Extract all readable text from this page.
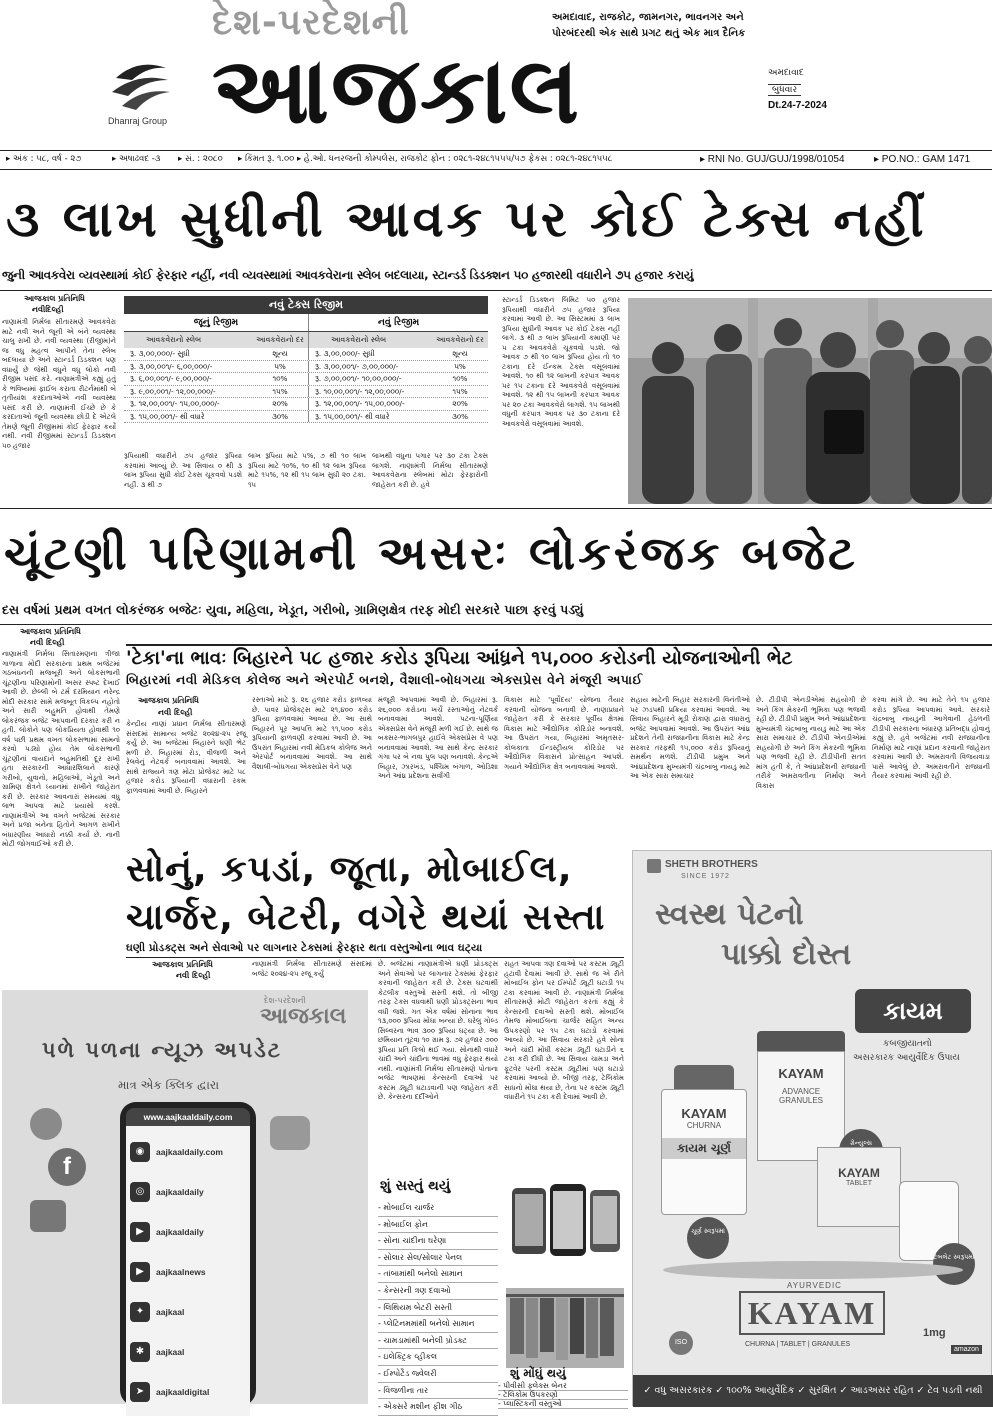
Dhanraj Group
દેશ-પરદેશની
આજકાલ
અમદાવાદ, રાજકોટ, જામનગર, ભાવનગર અને
પોરબંદરથી એક સાથે પ્રગટ થતું એક માત્ર દૈનિક
અમદાવાદ
બુધવાર
Dt.24-7-2024
▸ અંક : ૫૮, વર્ષ - ૨૭	▸ અષાઢવદ -૩ ▸ સં. : ૨૦૮૦ ▸ કિંમત રૂ. ૧.૦૦ ▸ હે.ઓ. ધનરજની કોમ્પલેસ, રાજકોટ ફોન : ૦૨૮૧-૨૪૮૧૫૫૫/૫૭ ફેકસ : ૦૨૮૧-૨૪૮૧૫૫૮	▸ RNI No. GUJ/GUJ/1998/01054	▸ PO.NO.: GAM 1471
૩ લાખ સુધીની આવક પર કોઈ ટેક્સ નહીં
જુની આવકવેરા વ્યવસ્થામાં કોઈ ફેરફાર નહીં, નવી વ્યવસ્થામાં આવકવેરાના સ્લેબ બદલાયા, સ્ટાન્ડર્ડ ડિડક્શન ૫૦ હજારથી વધારીને ૭૫ હજાર કરાયું
આજકાલ પ્રતિનિધિ
નવીદિલ્હી
નાણામંત્રી નિર્મલા સીતારમણે આવકવેરા માટે નવી અને જૂની એ બંને વ્યવસ્થા ચાલુ રાખી છે. નવી વ્યવસ્થા (રીજીમ)ને જ વધુ મહત્વ આપીને તેના સ્લેબ બદલાયા છે અને સ્ટાન્ડર્ડ ડિડક્શન પણ વધાર્યું છે જેથી વધુને વધુ લોકો નવી રીજીમ પસંદ કરે. નાણામંત્રીએ કહ્યું હતું કે ભવિષ્યમાં ફાઈલ કરાતા રીટર્નમાંથી બે તૃતીયાંશ કરદાતાઓએ નવી વ્યવસ્થા પસંદ કરી છે. નાણામંત્રી ઈચ્છે છે કે કરદાતાઓ જૂની વ્યવસ્થા છોડી દે એટલે તેમણે જૂની રીજીમમાં કોઈ ફેરફાર કર્યો નથી. નવી રીજીમમાં સ્ટાન્ડર્ડ ડિડક્શન ૫૦ હજાર
નવું ટેક્સ રિજીમ
જૂનું રિજીમ	નવું રિજીમ
આવકવેરાનો સ્લેબ	આવકવેરાનો દર	આવકવેરાનો સ્લેબ	આવકવેરાનો દર
રૂ. ૩,૦૦,૦૦૦/- સુધી	શૂન્ય	રૂ. ૩,૦૦,૦૦૦/- સુધી	શૂન્ય
રૂ. ૩,૦૦,૦૦૧/- ૬,૦૦,૦૦૦/-	૫%	રૂ. ૩,૦૦,૦૦૧/- ૭,૦૦,૦૦૦/-	૫%
રૂ. ૬,૦૦,૦૦૧/- ૯,૦૦,૦૦૦/-	૧૦%	રૂ. ૭,૦૦,૦૦૧/- ૧૦,૦૦,૦૦૦/-	૧૦%
રૂ. ૯,૦૦,૦૦૧/- ૧૨,૦૦,૦૦૦/-	૧૫%	રૂ. ૧૦,૦૦,૦૦૧/- ૧૨,૦૦,૦૦૦/-	૧૫%
રૂ. ૧૨,૦૦,૦૦૧/- ૧૫,૦૦,૦૦૦/-	૨૦%	રૂ. ૧૨,૦૦,૦૦૧/- ૧૫,૦૦,૦૦૦/-	૨૦%
રૂ. ૧૫,૦૦,૦૦૧/- થી વધારે	૩૦%	રૂ. ૧૫,૦૦,૦૦૧/- થી વધારે	૩૦%
રૂપિયાથી વધારીને ૭૫ હજાર રૂપિયા કરવામાં આવ્યું છે. આ સિવાય ૦ થી ૩ લાખ રૂપિયા સુધી કોઈ ટેક્સ ચૂકવવો પડશે નહીં. ૩ થી ૭
લાખ રૂપિયા માટે ૫%, ૭ થી ૧૦ લાખ રૂપિયા માટે ૧૦%, ૧૦ થી ૧૨ લાખ રૂપિયા માટે ૧૫%, ૧૨ થી ૧૫ લાખ સુધી ૨૦ ટકા. ૧૫
લાખથી વધુના પગાર પર ૩૦ ટકા ટેક્સ લાગશે. નાણામંત્રી નિર્મલા સીતારમણે આવકવેરાના સ્લેબમાં મોટા ફેરફારોની જાહેરાત કરી છે. હવે
સ્ટાન્ડર્ડ ડિડક્શન લિમિટ ૫૦ હજાર રૂપિયાથી વધારીને ૭૫ હજાર રૂપિયા કરવામાં આવી છે. આ સિસ્ટમમાં ૩ લાખ રૂપિયા સુધીની આવક પર કોઈ ટેક્સ નહીં લાગે. ૩ થી ૭ લાખ રૂપિયાની કમાણી પર ૫ ટકા આવકવેરો ચૂકવવો પડશે. જો આવક ૭ થી ૧૦ લાખ રૂપિયા હોય તો ૧૦ ટકાના દરે ઈન્કમ ટેક્સ વસૂલવામાં આવશે. ૧૦ થી ૧૨ લાખની કરપાત્ર આવક પર ૧૫ ટકાના દરે આવકવેરો વસૂલવામાં આવશે. ૧૨ થી ૧૫ લાખની કરપાત્ર આવક પર ૨૦ ટકા આવકવેરો લાગશે. ૧૫ લાખથી વધુની કરપાત્ર આવક પર ૩૦ ટકાના દરે આવકવેરો વસૂલવામાં આવશે.
ચૂંટણી પરિણામની અસરઃ લોકરંજક બજેટ
દસ વર્ષમાં પ્રથમ વખત લોકરંજક બજેટઃ યુવા, મહિલા, ખેડૂત, ગરીબો, ગ્રામિણક્ષેત્ર તરફ મોદી સરકારે પાછા ફરવું પડ્યું
આજકાલ પ્રતિનિધિ
નવી દિલ્હી
નાણામંત્રી નિર્મલા સિતારમણના ત્રીજા ગાળાના મોદી સરકારના પ્રથમ બજેટમાં ગઠબંધનની મજબૂરી અને લોકસભાની ચૂંટણીના પરિણામોની અસર સ્પષ્ટ દેખાઈ આવી છે. છેલ્લી બે ટર્મ દરમિયાન નરેન્દ્ર મોદી સરકાર સામે મજબૂત વિકલ્પ નહોતો અને સારી બહુમતિ હોવાથી તેમણે લોકરંજક બજેટ આપવાની દરકાર કરી ન હતી. લોકોને પણ લોકપ્રિયતા હોવાથી ૧૦ વર્ષ પછી પ્રથમ વખત લોકસભામાં સામનો કરવો પડ્યો હોય તેમ લોકસભાની ચૂંટણીનાં વાયદાને બહુમતિથી દૂર રાખી હતા સરકારની આધારશિલાને કારણે ગરીબો, યુવાનો, મહિલાઓ, ખેડૂતો અને ગ્રામિણ ક્ષેત્રને ધ્યાનમાં રાખીને જાહેરાત કરી છે. સરકાર આવનારાં સમયમાં વધુ લાભ આપવા માટે પ્રયાસો કરશે. નાણામંત્રીએ આ વખતે બજેટમાં સરકાર અને પ્રજા બંનેના હિતોને આગળ રાખીને બંધારણીય આધારો નક્કી કર્યા છે. નાની મોટી જોગવાઈઓ કરી છે.
'ટેકા'ના ભાવઃ બિહારને ૫૮ હજાર કરોડ રૂપિયા આંધ્રને ૧૫,૦૦૦ કરોડની યોજનાઓની ભેટ
બિહારમાં નવી મેડિકલ કોલેજ અને એરપોર્ટ બનશે, વૈશાલી-બોધગયા એક્સપ્રેસ વેને મંજૂરી અપાઈ
આજકાલ પ્રતિનિધિ
નવી દિલ્હી
કેન્દ્રીય નાણાં પ્રધાન નિર્મલા સીતારમણે સંસદમાં સામાન્ય બજેટ ૨૦૨૪-૨૫ રજૂ કર્યું છે. આ બજેટમાં બિહારને ઘણી ભેટ મળી છે. બિહારમાં રોડ, વીજળી અને રેલવેનું નેટવર્ક બનાવવામાં આવશે. આ સાથે રાજ્યને ત્રણ મોટા પ્રોજેક્ટ માટે ૫૮ હજાર કરોડ રૂપિયાની વધારાની રકમ ફાળવવામાં આવી છે. બિહારને
રસ્તાઓ માટે રૂ. ૨૬ હજાર કરોડ ફાળવ્યા છે. પાવર પ્રોજેક્ટ્સ માટે ૨૧,૪૦૦ કરોડ રૂપિયા ફાળવવામાં આવ્યા છે. આ સાથે બિહારને પૂર આપત્તિ માટે ૧૧,૫૦૦ કરોડ રૂપિયાની ફાળવણી કરવામાં આવી છે. આ ઉપરાંત બિહારમાં નવી મેડિકલ કોલેજ અને એરપોર્ટ બનાવવામાં આવશે. આ સાથે વૈશાલી-બોધગયા એક્સપ્રેસ વેને પણ
મંજૂરી આપવામાં આવી છે. બિહારમાં રૂ. ૨૬,૦૦૦ કરોડના ખર્ચે રસ્તાઓનું નેટવર્ક બનાવવામાં આવશે. પટના-પૂર્ણિયા એક્સપ્રેસ વેને મંજૂરી મળી ગઈ છે. સાથે જ બક્સર-ભાગલપુર હાઈવે એક્સપ્રેસ વે પણ બનાવવામાં આવશે. આ સાથે કેન્દ્ર સરકાર ગંગા પર બે નવા પુલ પણ બનાવશે. કેન્દ્રએ બિહાર, ઝારખંડ, પશ્ચિમ બંગાળ, ઓડિશા અને આંધ્ર પ્રદેશના સર્વાંગી
વિકાસ માટે 'પૂર્વોદય' યોજના તૈયાર કરવાની યોજના બનાવી છે. નાણાપ્રધાને જાહેરાત કરી કે સરકાર પૂર્વીય ક્ષેત્રમાં વિકાસ માટે ઔદ્યોગિક કોરિડોર બનાવશે. આ ઉપરાંત ગયા, બિહારમાં અમૃતસર-કોલકાતા ઈન્ડસ્ટ્રીયલ કોરિડોર પર ઔદ્યોગિક વિકાસને પ્રોત્સાહન આપશે. ગયાને ઔદ્યોગિક ક્ષેત્ર બનાવવામાં આવશે.
સહાય માટેની બિહાર સરકારની વિનંતીઓ પર ઝડપથી પ્રક્રિયા કરવામાં આવશે. આ સિવાય બિહારને મૂડી રોકાણ દ્વારા વધારાનું બજેટ આપવામાં આવશે. આ ઉપરાંત આંધ્ર પ્રદેશને તેની રાજધાનીના વિકાસ માટે કેન્દ્ર સરકાર તરફથી ૧૫,૦૦૦ કરોડ રૂપિયાનું સમર્થન મળશે. ટીડીપી પ્રમુખ અને આંધ્રપ્રદેશના મુખ્યમંત્રી ચંદ્રબાબુ નાયડુ માટે આ એક સારા સમાચાર
છે. ટીડીપી એનડીએમાં સહયોગી છે અને કિંગ મેકરની ભૂમિકા પણ ભજવી રહી છે. ટીડીપી પ્રમુખ અને આંધ્રપ્રદેશના મુખ્યમંત્રી ચંદ્રબાબુ નાયડુ માટે આ એક સારા સમાચાર છે. ટીડીપી એનડીએમાં સહયોગી છે અને કિંગ મેકરની ભૂમિકા પણ ભજવી રહી છે. ટીડીપીની સતત માંગ હતી કે, તે આંધ્રપ્રદેશની રાજધાની તરીકે અમરાવતીના નિર્માણ અને વિકાસ
કરવા માંગે છે. આ માટે તેને ૧૫ હજાર કરોડ રૂપિયા આપવામાં આવે. સરકારે ચંદ્રબાબુ નાયડુની આગેવાની હેઠળની ટીડીપી સરકારના બંધારણ પ્રતિબદ્ધ હોવાનું કહ્યું છે. હવે બજેટમાં નવી રાજધાનીના નિર્માણ માટે નાણાં પ્રદાન કરવાની જાહેરાત કરવામાં આવી છે. અમરાવતી વિજયવાડા પાસે આવેલું છે. અમરાવતીને રાજધાની તૈયાર કરવામાં આવી રહી છે.
સોનું, કપડાં, જૂતા, મોબાઈલ,
ચાર્જર, બેટરી, વગેરે થયાં સસ્તા
ઘણી પ્રોડક્ટ્સ અને સેવાઓ પર લાગનાર ટેક્સમાં ફેરફાર થતા વસ્તુઓના ભાવ ઘટ્યા
આજકાલ પ્રતિનિધિ
નવી દિલ્હી
નાણામંત્રી નિર્મલા સીતારમણે સંસદમાં બજેટ ૨૦૨૪-૨૫ રજૂ કર્યું
છે. બજેટમાં નાણામંત્રીએ ઘણી પ્રોડક્ટ્સ અને સેવાઓ પર લાગનાર ટેક્સમાં ફેરફાર કરવાની જાહેરાત કરી છે. ટેક્સ ઘટવાથી કેટલીક વસ્તુઓ સસ્તી થશે. તો બીજી તરફ ટેક્સ વધવાથી ઘણી પ્રોડક્ટ્સના ભાવ વધી જશે. ગત એક વર્ષમાં સોનાના ભાવ ૧૩,૦૦૦ રૂપિયા મોંઘા બન્યા છે. ઘરેલુ ગોલ્ડ સિલ્વરના ભાવ ૩૦૦ રૂપિયા ઘટ્યા છે. આ છમિયાન તૂટવા ૧૦ ગ્રામ રૂ. ૭૨ હજાર ૭૦૦ રૂપિયા પ્રતિ કિલો થઈ ગયા. સોનાથી વધારે ચાંદી અને ચાંદીના ભાવમાં વધુ ફેરફાર થયો નથી. નાણાંમંત્રી નિર્મલા સીતારમણે પોતાના બજેટ ભાષણમાં કેન્સરની દવાઓ પર કસ્ટમ ડ્યૂટી ઘટાડવાની પણ જાહેરાત કરી છે. કેન્સરના દર્દીઓને
રાહત આપવા ત્રણ દવાઓ પર કસ્ટમ ડ્યૂટી હટાવી દેવામાં આવી છે. સાથે જ એ રીતે મોબાઈલ ફોન પર ઈમ્પોર્ટ ડ્યૂટી ઘટાડી ૧૫ ટકા કરવામાં આવી છે. નાણામંત્રી નિર્મલા સીતારમણે મોટી જાહેરાત કરતાં કહ્યું કે કેન્સરની દવાઓ સસ્તી થશે. મોબાઈલ તેમજ મોબાઈલના ચાર્જર સહિત અન્ય ઉપકરણો પર ૧૫ ટકા ઘટાડો કરવામાં આવ્યો છે. આ સિવાય સરકારે હવે સોના અને ચાંદી મોંઘી કસ્ટમ ડ્યૂટી ઘટાડીને ૬ ટકા કરી દીધી છે. આ સિવાય ચામડા અને ફૂટવેર પરની કસ્ટમ ડ્યૂટીમાં પણ ઘટાડો કરવામાં આવ્યો છે. બીજી તરફ, ટેલિકોમ સાધનો મોંઘા થયા છે, તેના પર કસ્ટમ ડ્યૂટી વધારીને ૧૫ ટકા કરી દેવામાં આવી છે.
શું સસ્તું થયું
- મોબાઈલ ચાર્જર
- મોબાઈલ ફોન
- સોના ચાંદીના ઘરેણા
- સોલાર સેલ/સોલાર પેનલ
- તાંબામાંથી બનેલો સામાન
- કેન્સરની ત્રણ દવાઓ
- લિથિયમ બેટરી સસ્તી
- પ્લેટિનમમાંથી બનેલો સામાન
- ચામડામાંથી બનેલી પ્રોડક્ટ
- ઇલેક્ટ્રિક વ્હીકલ
- ઈમ્પોર્ટેડ જ્વેલરી
- વિજળીના તાર
- એક્સરે મશીન ફીશ ગીઠ
શું મોંઘું થયું
- પીવીસી ફ્લેક્સ બેનર
- ટેલિકોમ ઉપકરણો
- પ્લાસ્ટિકની વસ્તુઓ
દેશ-પરદેશની
આજકાલ
પળે પળના ન્યૂઝ અપડેટ
માત્ર એક ક્લિક દ્વારા
f
www.aajkaaldaily.com
◉	aajkaaldaily.com
◎	aajkaaldaily
▶	aajkaaldaily
▶	aajkaalnews
✦	aajkaal
✱	aajkaal
➤	aajkaaldigital
SHETH BROTHERS
SINCE 1972
સ્વસ્થ પેટનો
પાક્કો દોસ્ત
કાયમ
કબજીયાતનો
અસરકારક આયુર્વેદિક ઉપાય
KAYAM
ADVANCE
GRANULES
KAYAM
CHURNA
કાયમ ચૂર્ણ	ગ્રેન્યુલ્સ
KAYAM
TABLET
ચૂર્ણ સ્વરૂપમાં
ટેબલેટ સ્વરૂપમાં
AYURVEDIC
KAYAM
CHURNA | TABLET | GRANULES
ISO
1mg
amazon
✓ વધુ અસરકારક ✓ ૧૦૦% આયુર્વેદિક ✓ સુરક્ષિત ✓ આડઅસર રહિત ✓ ટેવ પડતી નથી
